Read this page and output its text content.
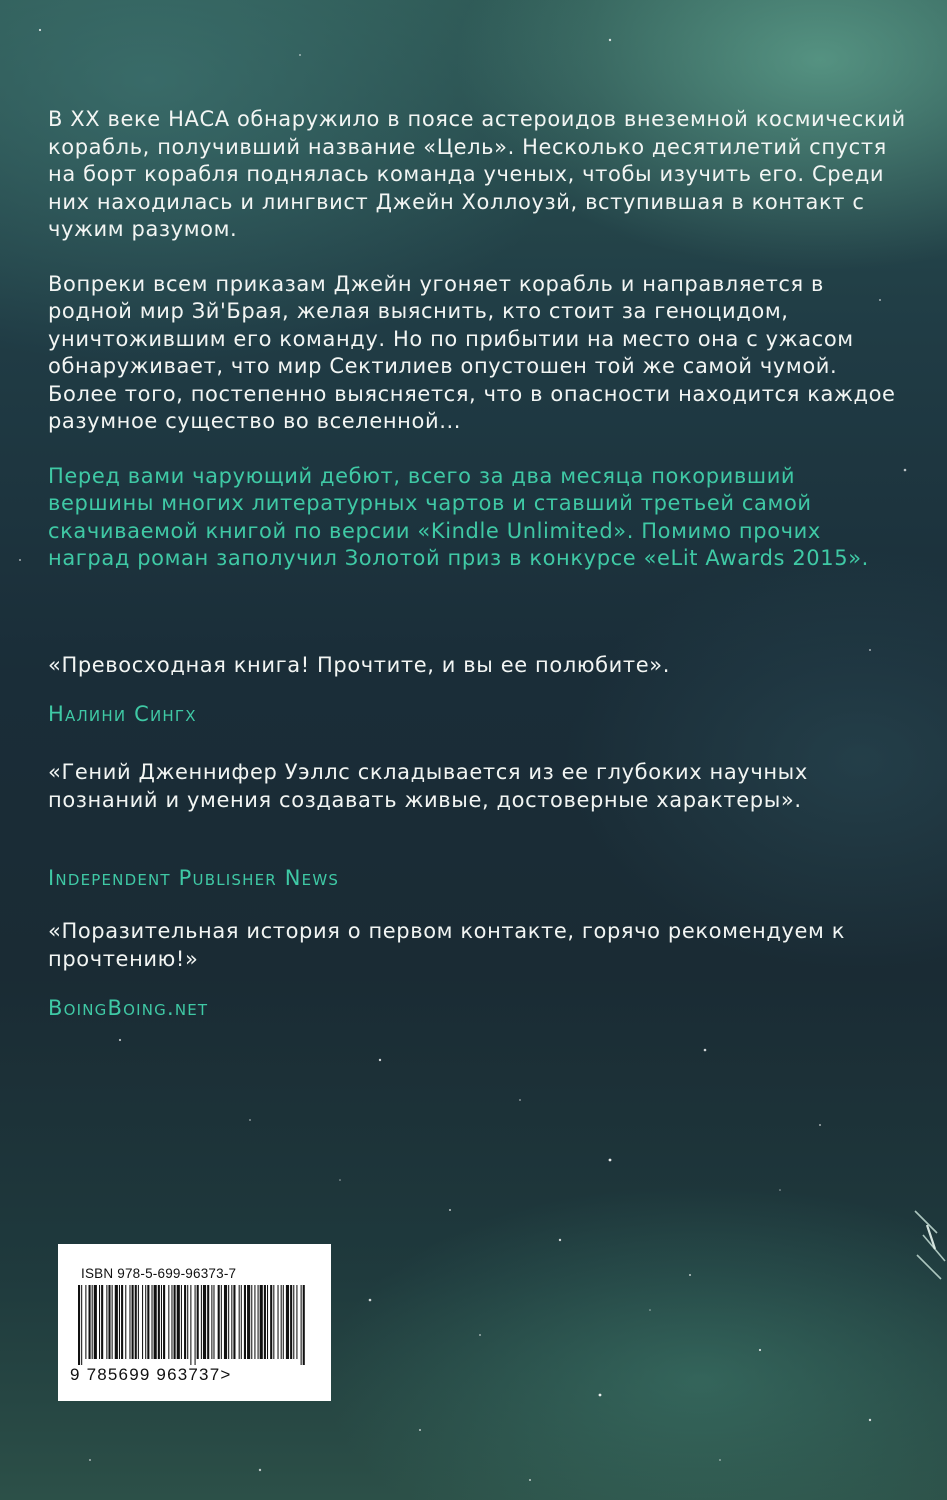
В XX веке НАСА обнаружило в поясе астероидов внеземной космический корабль, получивший название «Цель». Несколько десятилетий спустя на борт корабля поднялась команда ученых, чтобы изучить его. Среди них находилась и лингвист Джейн Холлоузй, вступившая в контакт с чужим разумом.

Вопреки всем приказам Джейн угоняет корабль и направляется в родной мир Зй'Брая, желая выяснить, кто стоит за геноцидом, уничтожившим его команду. Но по прибытии на место она с ужасом обнаруживает, что мир Сектилиев опустошен той же самой чумой. Более того, постепенно выясняется, что в опасности находится каждое разумное существо во вселенной...

Перед вами чарующий дебют, всего за два месяца покоривший вершины многих литературных чартов и ставший третьей самой скачиваемой книгой по версии «Kindle Unlimited». Помимо прочих наград роман заполучил Золотой приз в конкурсе «eLit Awards 2015».

«Превосходная книга! Прочтите, и вы ее полюбите».

Налини Сингх

«Гений Дженнифер Уэллс складывается из ее глубоких научных познаний и умения создавать живые, достоверные характеры».

Independent Publisher News

«Поразительная история о первом контакте, горячо рекомендуем к прочтению!»

BoingBoing.net

ISBN 978-5-699-96373-7
9 785699 963737>
